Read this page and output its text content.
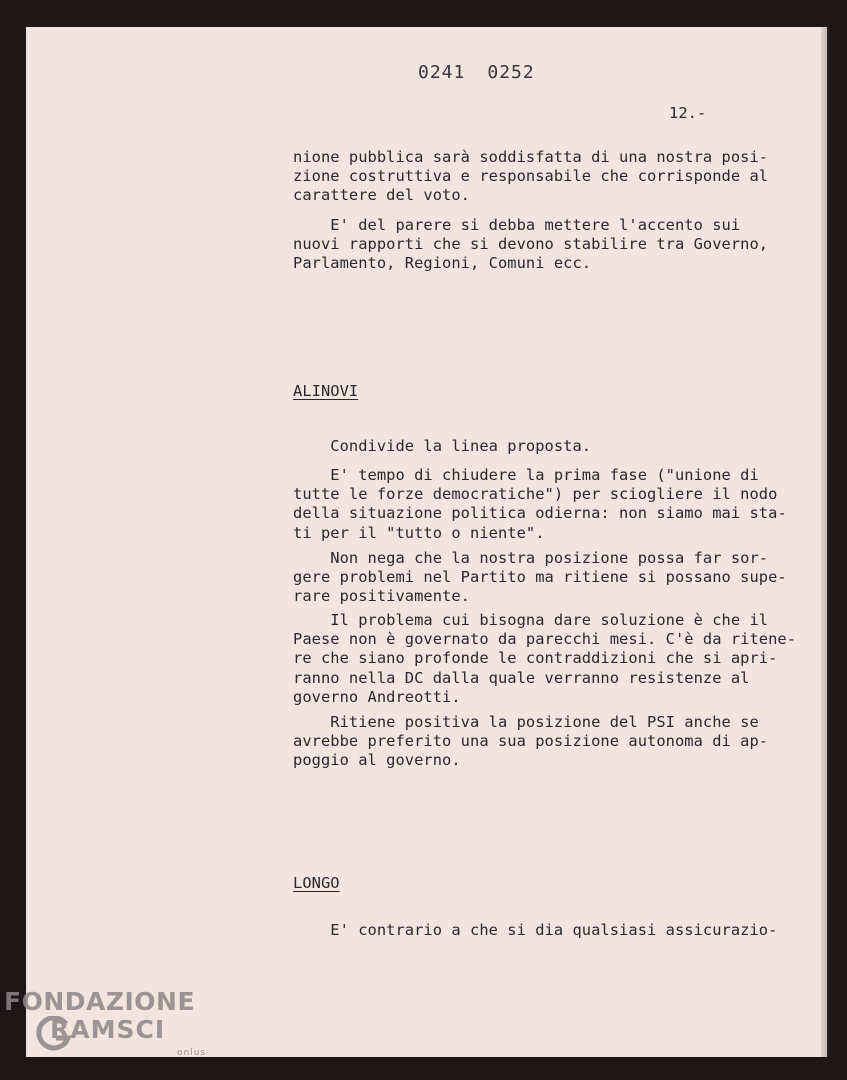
0241 0252
12.-
nione pubblica sarà soddisfatta di una nostra posi-
zione costruttiva e responsabile che corrisponde al
carattere del voto.
E' del parere si debba mettere l'accento sui
nuovi rapporti che si devono stabilire tra Governo,
Parlamento, Regioni, Comuni ecc.
ALINOVI
Condivide la linea proposta.
E' tempo di chiudere la prima fase ("unione di
tutte le forze democratiche") per sciogliere il nodo
della situazione politica odierna: non siamo mai sta-
ti per il "tutto o niente".
Non nega che la nostra posizione possa far sor-
gere problemi nel Partito ma ritiene si possano supe-
rare positivamente.
Il problema cui bisogna dare soluzione è che il
Paese non è governato da parecchi mesi. C'è da ritene-
re che siano profonde le contraddizioni che si apri-
ranno nella DC dalla quale verranno resistenze al
governo Andreotti.
Ritiene positiva la posizione del PSI anche se
avrebbe preferito una sua posizione autonoma di ap-
poggio al governo.
LONGO
E' contrario a che si dia qualsiasi assicurazio-
FONDAZIONE
RAMSCI
onlus
